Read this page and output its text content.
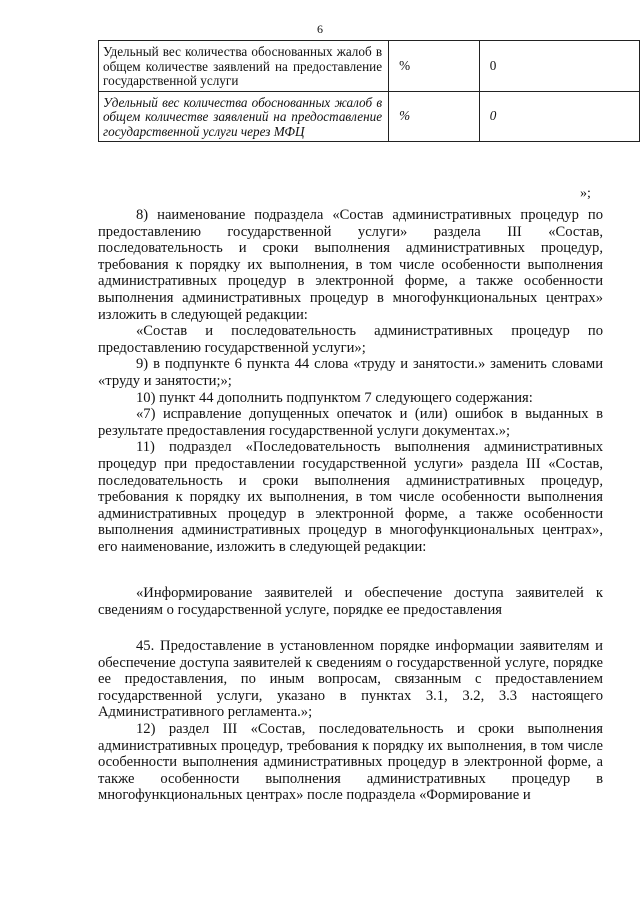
6
Удельный вес количества обоснованных жалоб в общем количестве заявлений на предоставление государственной услуги	%	0
Удельный вес количества обоснованных жалоб в общем количестве заявлений на предоставление государственной услуги через МФЦ	%	0
»;

8) наименование подраздела «Состав административных процедур по предоставлению государственной услуги» раздела III «Состав, последовательность и сроки выполнения административных процедур, требования к порядку их выполнения, в том числе особенности выполнения административных процедур в электронной форме, а также особенности выполнения административных процедур в многофункциональных центрах» изложить в следующей редакции:

«Состав и последовательность административных процедур по предоставлению государственной услуги»;

9) в подпункте 6 пункта 44 слова «труду и занятости.» заменить словами «труду и занятости;»;

10) пункт 44 дополнить подпунктом 7 следующего содержания:

«7) исправление допущенных опечаток и (или) ошибок в выданных в результате предоставления государственной услуги документах.»;

11) подраздел «Последовательность выполнения административных процедур при предоставлении государственной услуги» раздела III «Состав, последовательность и сроки выполнения административных процедур, требования к порядку их выполнения, в том числе особенности выполнения административных процедур в электронной форме, а также особенности выполнения административных процедур в многофункциональных центрах», его наименование, изложить в следующей редакции:

«Информирование заявителей и обеспечение доступа заявителей к сведениям о государственной услуге, порядке ее предоставления

45. Предоставление в установленном порядке информации заявителям и обеспечение доступа заявителей к сведениям о государственной услуге, порядке ее предоставления, по иным вопросам, связанным с предоставлением государственной услуги, указано в пунктах 3.1, 3.2, 3.3 настоящего Административного регламента.»;

12) раздел III «Состав, последовательность и сроки выполнения административных процедур, требования к порядку их выполнения, в том числе особенности выполнения административных процедур в электронной форме, а также особенности выполнения административных процедур в многофункциональных центрах» после подраздела «Формирование и
